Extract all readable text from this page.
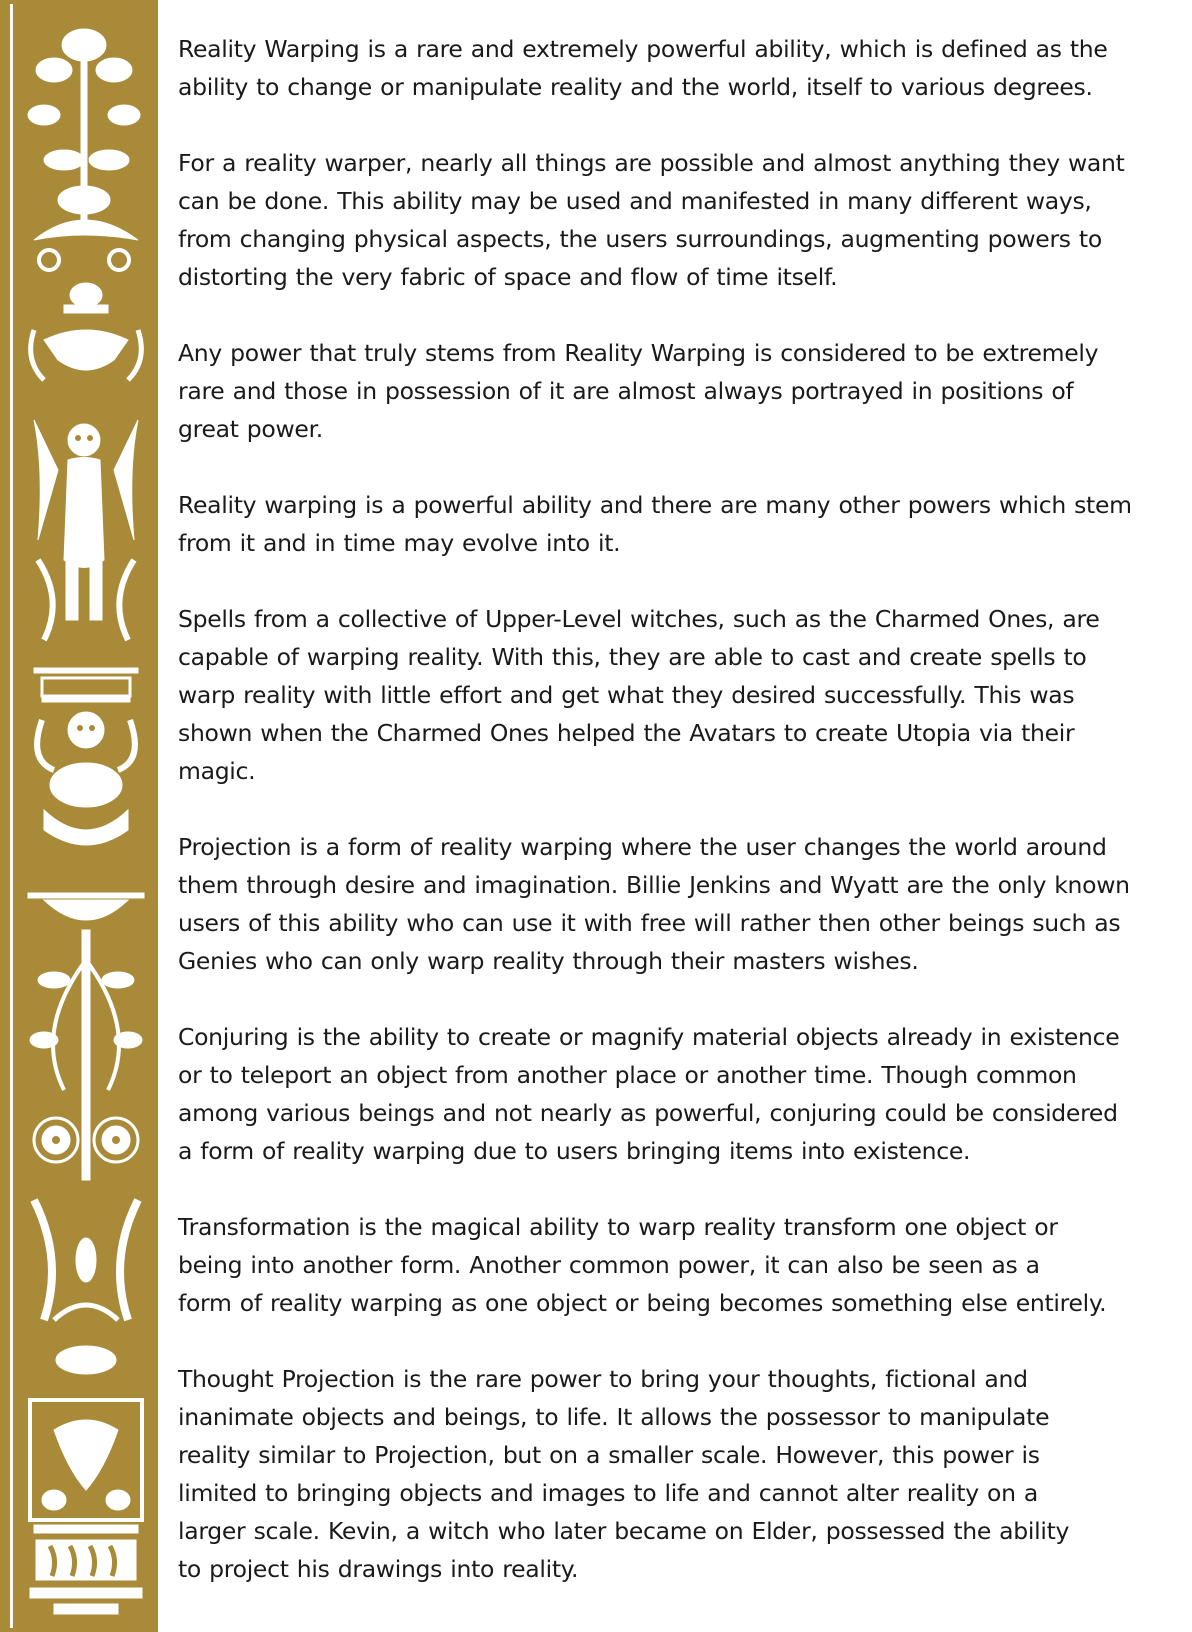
Reality Warping is a rare and extremely powerful ability, which is defined as the
ability to change or manipulate reality and the world, itself to various degrees.

For a reality warper, nearly all things are possible and almost anything they want
can be done. This ability may be used and manifested in many different ways,
from changing physical aspects, the users surroundings, augmenting powers to
distorting the very fabric of space and flow of time itself.

Any power that truly stems from Reality Warping is considered to be extremely
rare and those in possession of it are almost always portrayed in positions of
great power.

Reality warping is a powerful ability and there are many other powers which stem
from it and in time may evolve into it.

Spells from a collective of Upper-Level witches, such as the Charmed Ones, are
capable of warping reality. With this, they are able to cast and create spells to
warp reality with little effort and get what they desired successfully. This was
shown when the Charmed Ones helped the Avatars to create Utopia via their
magic.

Projection is a form of reality warping where the user changes the world around
them through desire and imagination. Billie Jenkins and Wyatt are the only known
users of this ability who can use it with free will rather then other beings such as
Genies who can only warp reality through their masters wishes.

Conjuring is the ability to create or magnify material objects already in existence
or to teleport an object from another place or another time. Though common
among various beings and not nearly as powerful, conjuring could be considered
a form of reality warping due to users bringing items into existence.

Transformation is the magical ability to warp reality transform one object or
being into another form. Another common power, it can also be seen as a
form of reality warping as one object or being becomes something else entirely.

Thought Projection is the rare power to bring your thoughts, fictional and
inanimate objects and beings, to life. It allows the possessor to manipulate
reality similar to Projection, but on a smaller scale. However, this power is
limited to bringing objects and images to life and cannot alter reality on a
larger scale. Kevin, a witch who later became on Elder, possessed the ability
to project his drawings into reality.
